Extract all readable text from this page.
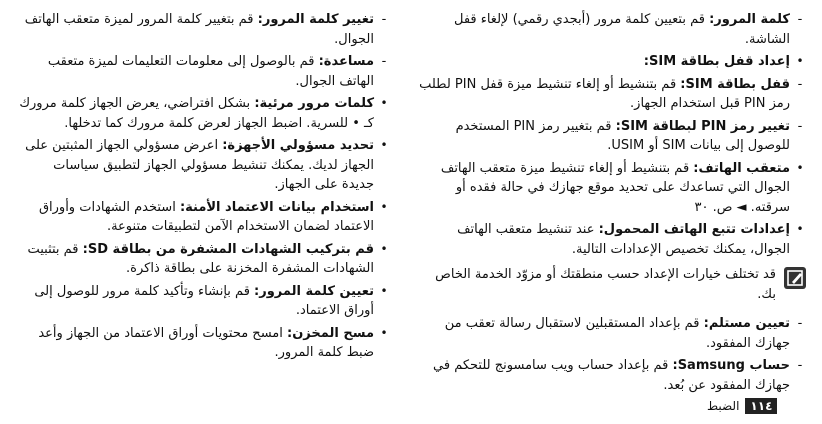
-
كلمة المرور: قم بتعيين كلمة مرور (أبجدي رقمي) لإلغاء قفل الشاشة.
•
إعداد قفل بطاقة SIM:
-
قفل بطاقة SIM: قم بتنشيط أو إلغاء تنشيط ميزة قفل PIN لطلب رمز PIN قبل استخدام الجهاز.
-
تغيير رمز PIN لبطاقة SIM: قم بتغيير رمز PIN المستخدم للوصول إلى بيانات SIM أو USIM.
•
متعقب الهاتف: قم بتنشيط أو إلغاء تنشيط ميزة متعقب الهاتف الجوال التي تساعدك على تحديد موقع جهازك في حالة فقده أو سرقته. ◄ ص. ٣٠
•
إعدادات تتبع الهاتف المحمول: عند تنشيط متعقب الهاتف الجوال، يمكنك تخصيص الإعدادات التالية.
قد تختلف خيارات الإعداد حسب منطقتك أو مزوّد الخدمة الخاص بك.
-
تعيين مستلم: قم بإعداد المستقبلين لاستقبال رسالة تعقب من جهازك المفقود.
-
حساب Samsung: قم بإعداد حساب ويب سامسونج للتحكم في جهازك المفقود عن بُعد.
-
تغيير كلمة المرور: قم بتغيير كلمة المرور لميزة متعقب الهاتف الجوال.
-
مساعدة: قم بالوصول إلى معلومات التعليمات لميزة متعقب الهاتف الجوال.
•
كلمات مرور مرئية: بشكل افتراضي، يعرض الجهاز كلمة مرورك كـ • للسرية. اضبط الجهاز لعرض كلمة مرورك كما تدخلها.
•
تحديد مسؤولي الأجهزة: اعرض مسؤولي الجهاز المثبتين على الجهاز لديك. يمكنك تنشيط مسؤولي الجهاز لتطبيق سياسات جديدة على الجهاز.
•
استخدام بيانات الاعتماد الأمنة: استخدم الشهادات وأوراق الاعتماد لضمان الاستخدام الآمن لتطبيقات متنوعة.
•
قم بتركيب الشهادات المشفرة من بطاقة SD: قم بتثبيت الشهادات المشفرة المخزنة على بطاقة ذاكرة.
•
تعيين كلمة المرور: قم بإنشاء وتأكيد كلمة مرور للوصول إلى أوراق الاعتماد.
•
مسح المخزن: امسح محتويات أوراق الاعتماد من الجهاز وأعد ضبط كلمة المرور.
١١٤
الضبط
